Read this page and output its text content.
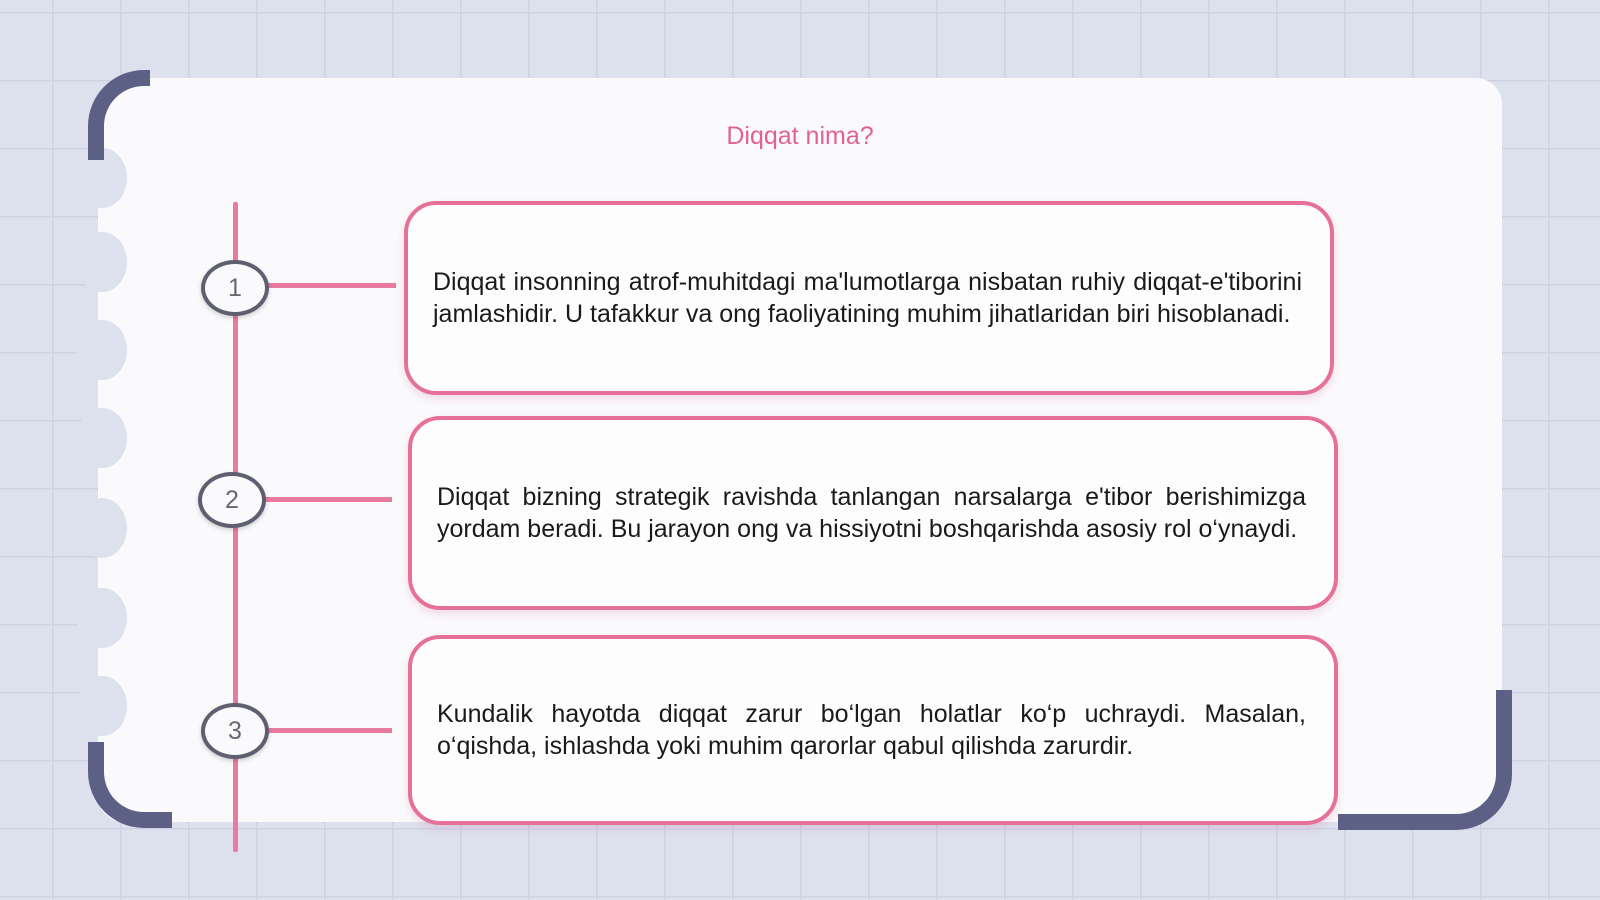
Diqqat nima?
1
2
3

Diqqat insonning atrof-muhitdagi ma'lumotlarga nisbatan ruhiy diqqat-e'tiborini jamlashidir. U tafakkur va ong faoliyatining muhim jihatlaridan biri hisoblanadi.

Diqqat bizning strategik ravishda tanlangan narsalarga e'tibor berishimizga yordam beradi. Bu jarayon ong va hissiyotni boshqarishda asosiy rol o‘ynaydi.

Kundalik hayotda diqqat zarur bo‘lgan holatlar ko‘p uchraydi. Masalan, o‘qishda, ishlashda yoki muhim qarorlar qabul qilishda zarurdir.
